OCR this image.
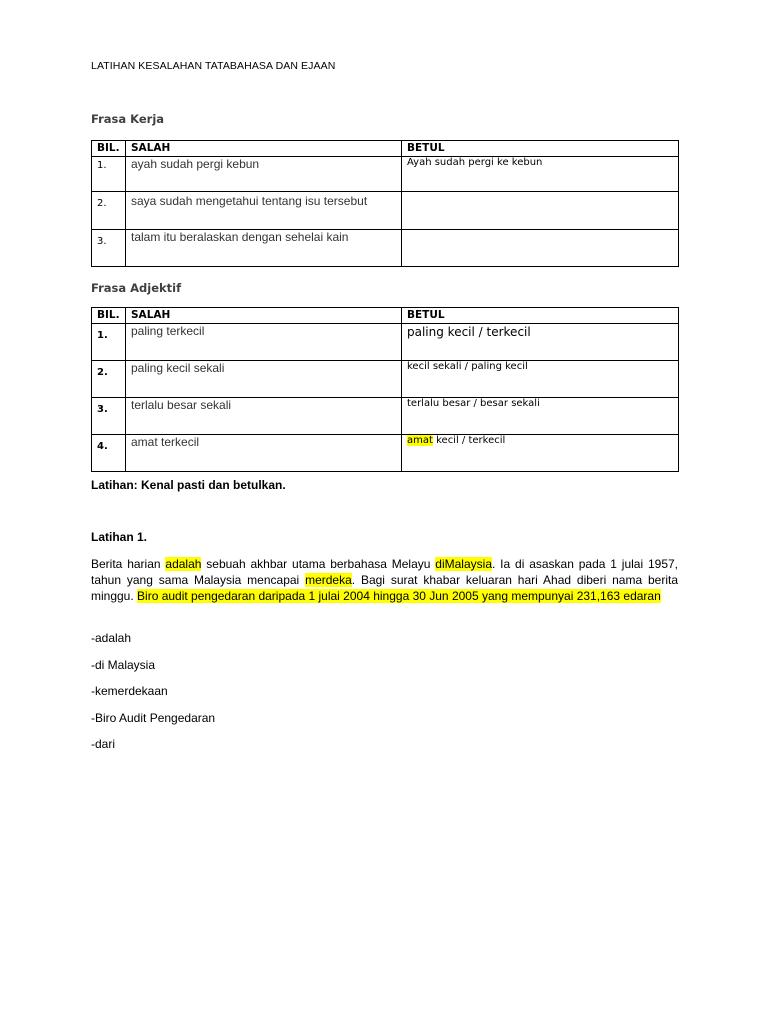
LATIHAN KESALAHAN TATABAHASA DAN EJAAN
Frasa Kerja
BIL.	SALAH	BETUL
1.	ayah sudah pergi kebun	Ayah sudah pergi ke kebun
2.	saya sudah mengetahui tentang isu tersebut	
3.	talam itu beralaskan dengan sehelai kain	
Frasa Adjektif
BIL.	SALAH	BETUL
1.	paling terkecil	paling kecil / terkecil
2.	paling kecil sekali	kecil sekali / paling kecil
3.	terlalu besar sekali	terlalu besar / besar sekali
4.	amat terkecil	amat kecil / terkecil
Latihan: Kenal pasti dan betulkan.
Latihan 1.

Berita harian adalah sebuah akhbar utama berbahasa Melayu diMalaysia. Ia di asaskan pada 1 julai 1957, tahun yang sama Malaysia mencapai merdeka. Bagi surat khabar keluaran hari Ahad diberi nama berita minggu. Biro audit pengedaran daripada 1 julai 2004 hingga 30 Jun 2005 yang mempunyai 231,163 edaran

-adalah
-di Malaysia
-kemerdekaan
-Biro Audit Pengedaran
-dari
